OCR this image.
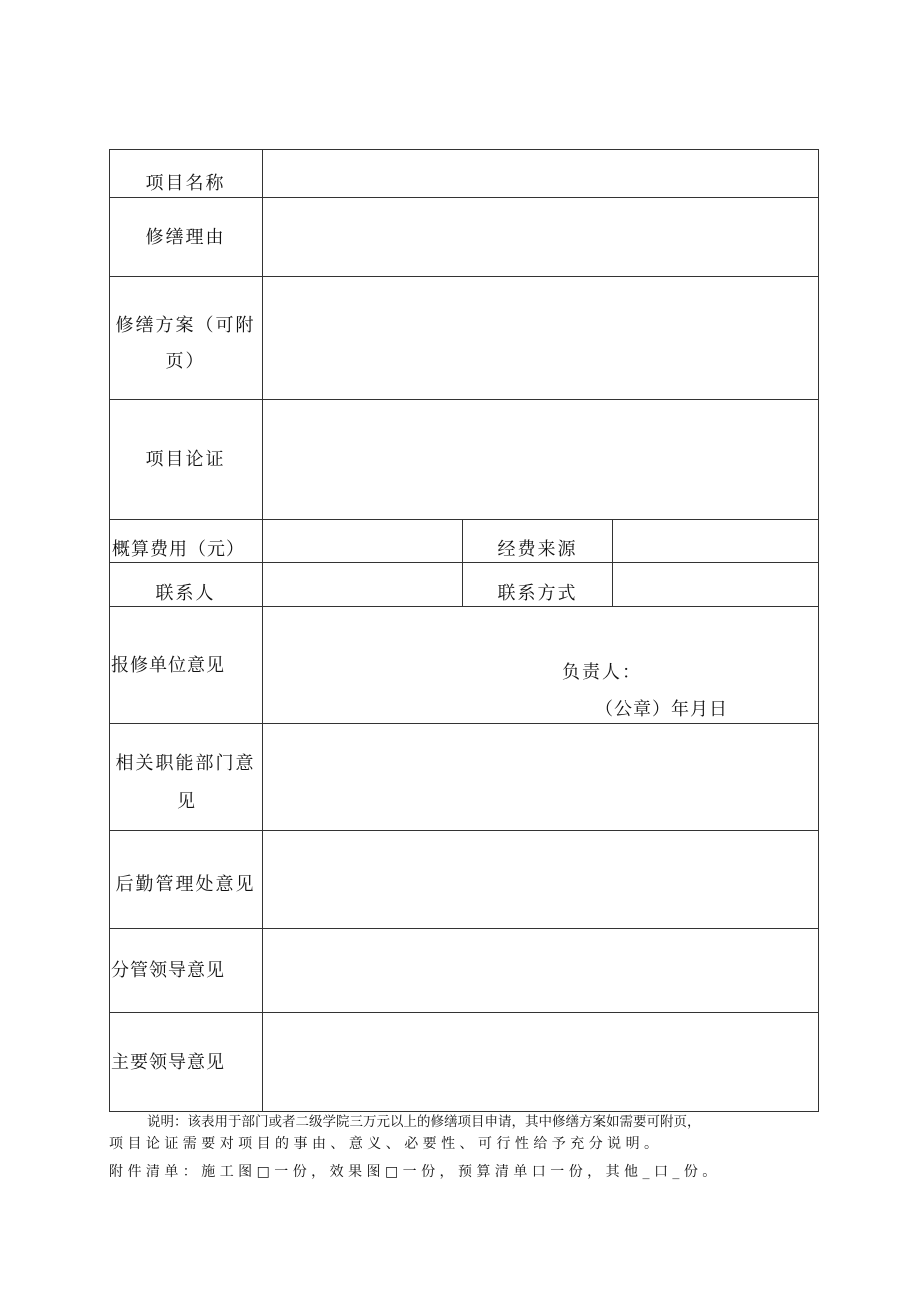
项目名称
修缮理由
修缮方案（可附
页）
项目论证
概算费用（元）	经费来源
联系人	联系方式
报修单位意见	负责人：
（公章）年月日
相关职能部门意
见
后勤管理处意见
分管领导意见
主要领导意见
说明：该表用于部门或者二级学院三万元以上的修缮项目申请，其中修缮方案如需要可附页，
项 目 论 证 需 要 对 项 目 的 事 由 、 意 义 、 必 要 性 、 可 行 性 给 予 充 分 说 明 。
附 件 清 单 ： 施 工 图 □ 一 份 ， 效 果 图 □ 一 份 ， 预 算 清 单 口 一 份 ， 其 他 _ 口 _ 份 。
